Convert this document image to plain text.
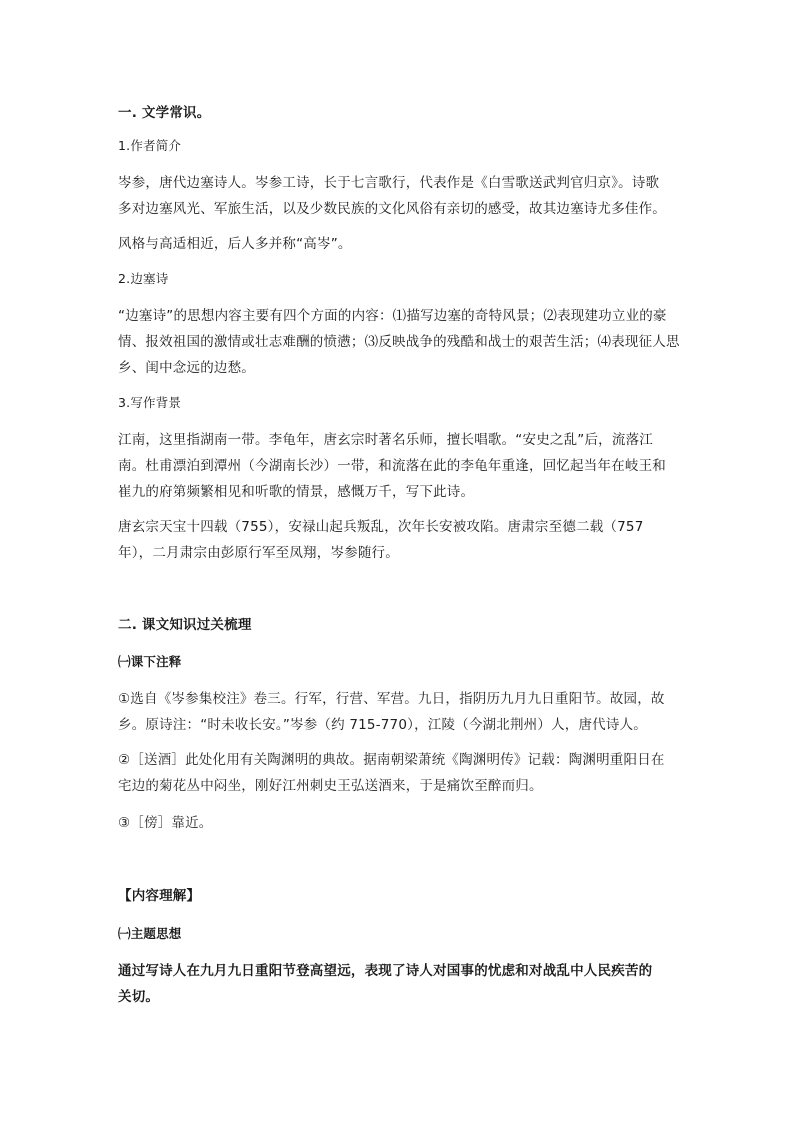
一. 文学常识。
1.作者简介
岑参，唐代边塞诗人。岑参工诗，长于七言歌行，代表作是《白雪歌送武判官归京》。诗歌
多对边塞风光、军旅生活，以及少数民族的文化风俗有亲切的感受，故其边塞诗尤多佳作。
风格与高适相近，后人多并称“高岑”。
2.边塞诗
“边塞诗”的思想内容主要有四个方面的内容：⑴描写边塞的奇特风景；⑵表现建功立业的豪
情、报效祖国的激情或壮志难酬的愤懑；⑶反映战争的残酷和战士的艰苦生活；⑷表现征人思
乡、闺中念远的边愁。
3.写作背景
江南，这里指湖南一带。李龟年，唐玄宗时著名乐师，擅长唱歌。“安史之乱”后，流落江
南。杜甫漂泊到潭州（今湖南长沙）一带，和流落在此的李龟年重逢，回忆起当年在岐王和
崔九的府第频繁相见和听歌的情景，感慨万千，写下此诗。
唐玄宗天宝十四载（755），安禄山起兵叛乱，次年长安被攻陷。唐肃宗至德二载（757
年），二月肃宗由彭原行军至凤翔，岑参随行。
二. 课文知识过关梳理
㈠课下注释
①选自《岑参集校注》卷三。行军，行营、军营。九日，指阴历九月九日重阳节。故园，故
乡。原诗注：“时未收长安。”岑参（约 715-770），江陵（今湖北荆州）人，唐代诗人。
②［送酒］此处化用有关陶渊明的典故。据南朝梁萧统《陶渊明传》记载：陶渊明重阳日在
宅边的菊花丛中闷坐，刚好江州刺史王弘送酒来，于是痛饮至醉而归。
③［傍］靠近。
【内容理解】
㈠主题思想
通过写诗人在九月九日重阳节登高望远，表现了诗人对国事的忧虑和对战乱中人民疾苦的
关切。
